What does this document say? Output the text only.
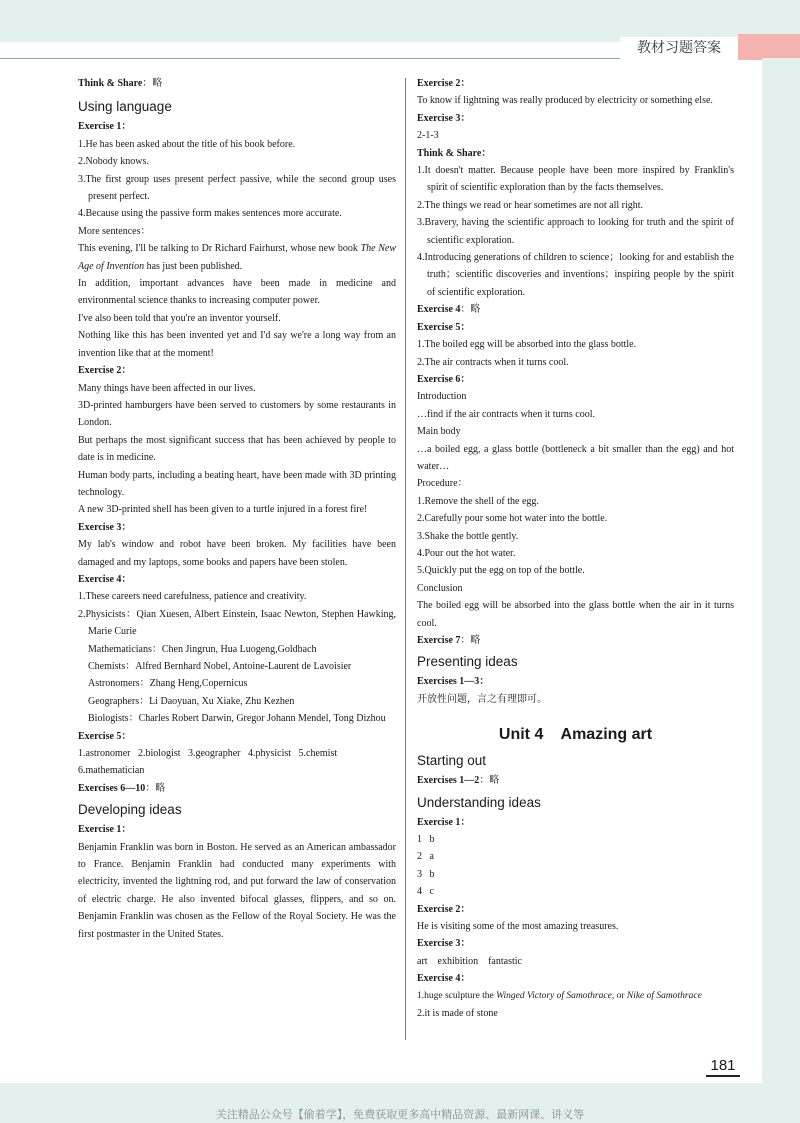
教材习题答案
Think & Share：略
Using language
Exercise 1：
1.He has been asked about the title of his book before.
2.Nobody knows.
3.The first group uses present perfect passive, while the second group uses present perfect.
4.Because using the passive form makes sentences more accurate.
More sentences：
This evening, I'll be talking to Dr Richard Fairhurst, whose new book The New Age of Invention has just been published.
In addition, important advances have been made in medicine and environmental science thanks to increasing computer power.
I've also been told that you're an inventor yourself.
Nothing like this has been invented yet and I'd say we're a long way from an invention like that at the moment!
Exercise 2：
Many things have been affected in our lives.
3D-printed hamburgers have been served to customers by some restaurants in London.
But perhaps the most significant success that has been achieved by people to date is in medicine.
Human body parts, including a beating heart, have been made with 3D printing technology.
A new 3D-printed shell has been given to a turtle injured in a forest fire!
Exercise 3：
My lab's window and robot have been broken. My facilities have been damaged and my laptops, some books and papers have been stolen.
Exercise 4：
1.These careers need carefulness, patience and creativity.
2.Physicists：Qian Xuesen, Albert Einstein, Isaac Newton, Stephen Hawking, Marie Curie
Mathematicians：Chen Jingrun, Hua Luogeng,Goldbach
Chemists：Alfred Bernhard Nobel, Antoine-Laurent de Lavoisier
Astronomers：Zhang Heng,Copernicus
Geographers：Li Daoyuan, Xu Xiake, Zhu Kezhen
Biologists：Charles Robert Darwin, Gregor Johann Mendel, Tong Dizhou
Exercise 5：
1.astronomer   2.biologist   3.geographer   4.physicist   5.chemist
6.mathematician
Exercises 6—10：略
Developing ideas
Exercise 1：
Benjamin Franklin was born in Boston. He served as an American ambassador to France. Benjamin Franklin had conducted many experiments with electricity, invented the lightning rod, and put forward the law of conservation of electric charge. He also invented bifocal glasses, flippers, and so on. Benjamin Franklin was chosen as the Fellow of the Royal Society. He was the first postmaster in the United States.
Exercise 2：
To know if lightning was really produced by electricity or something else.
Exercise 3：
2-1-3
Think & Share：
1.It doesn't matter. Because people have been more inspired by Franklin's spirit of scientific exploration than by the facts themselves.
2.The things we read or hear sometimes are not all right.
3.Bravery, having the scientific approach to looking for truth and the spirit of scientific exploration.
4.Introducing generations of children to science；looking for and establish the truth；scientific discoveries and inventions；inspiring people by the spirit of scientific exploration.
Exercise 4：略
Exercise 5：
1.The boiled egg will be absorbed into the glass bottle.
2.The air contracts when it turns cool.
Exercise 6：
Introduction
…find if the air contracts when it turns cool.
Main body
…a boiled egg, a glass bottle (bottleneck a bit smaller than the egg) and hot water…
Procedure：
1.Remove the shell of the egg.
2.Carefully pour some hot water into the bottle.
3.Shake the bottle gently.
4.Pour out the hot water.
5.Quickly put the egg on top of the bottle.
Conclusion
The boiled egg will be absorbed into the glass bottle when the air in it turns cool.
Exercise 7：略
Presenting ideas
Exercises 1—3：
开放性问题，言之有理即可。
Unit 4    Amazing art
Starting out
Exercises 1—2：略
Understanding ideas
Exercise 1：
1   b
2   a
3   b
4   c
Exercise 2：
He is visiting some of the most amazing treasures.
Exercise 3：
art    exhibition    fantastic
Exercise 4：
1.huge sculpture the Winged Victory of Samothrace, or Nike of Samothrace
2.it is made of stone
181
关注精品公众号【偷着学】，免费获取更多高中精品资源、最新网课、讲义等
